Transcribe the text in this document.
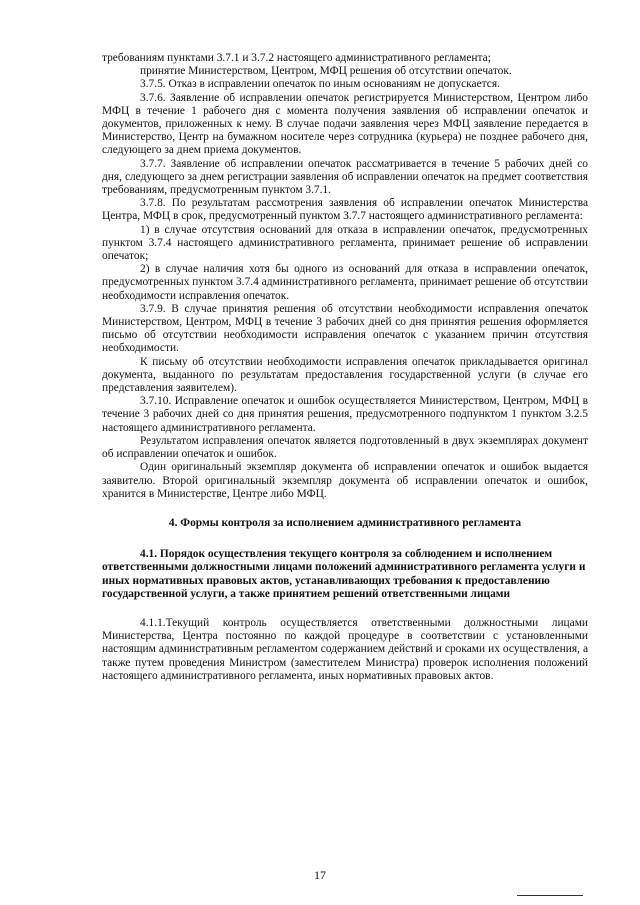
требованиям пунктами 3.7.1 и 3.7.2 настоящего административного регламента;

принятие Министерством, Центром, МФЦ решения об отсутствии опечаток.

3.7.5. Отказ в исправлении опечаток по иным основаниям не допускается.

3.7.6. Заявление об исправлении опечаток регистрируется Министерством, Центром либо МФЦ в течение 1 рабочего дня с момента получения заявления об исправлении опечаток и документов, приложенных к нему. В случае подачи заявления через МФЦ заявление передается в Министерство, Центр на бумажном носителе через сотрудника (курьера) не позднее рабочего дня, следующего за днем приема документов.

3.7.7. Заявление об исправлении опечаток рассматривается в течение 5 рабочих дней со дня, следующего за днем регистрации заявления об исправлении опечаток на предмет соответствия требованиям, предусмотренным пунктом 3.7.1.

3.7.8. По результатам рассмотрения заявления об исправлении опечаток Министерства Центра, МФЦ в срок, предусмотренный пунктом 3.7.7 настоящего административного регламента:

1) в случае отсутствия оснований для отказа в исправлении опечаток, предусмотренных пунктом 3.7.4 настоящего административного регламента, принимает решение об исправлении опечаток;

2) в случае наличия хотя бы одного из оснований для отказа в исправлении опечаток, предусмотренных пунктом 3.7.4 административного регламента, принимает решение об отсутствии необходимости исправления опечаток.

3.7.9. В случае принятия решения об отсутствии необходимости исправления опечаток Министерством, Центром, МФЦ в течение 3 рабочих дней со дня принятия решения оформляется письмо об отсутствии необходимости исправления опечаток с указанием причин отсутствия необходимости.

К письму об отсутствии необходимости исправления опечаток прикладывается оригинал документа, выданного по результатам предоставления государственной услуги (в случае его представления заявителем).

3.7.10. Исправление опечаток и ошибок осуществляется Министерством, Центром, МФЦ в течение 3 рабочих дней со дня принятия решения, предусмотренного подпунктом 1 пунктом 3.2.5 настоящего административного регламента.

Результатом исправления опечаток является подготовленный в двух экземплярах документ об исправлении опечаток и ошибок.

Один оригинальный экземпляр документа об исправлении опечаток и ошибок выдается заявителю. Второй оригинальный экземпляр документа об исправлении опечаток и ошибок, хранится в Министерстве, Центре либо МФЦ.

4. Формы контроля за исполнением административного регламента

4.1. Порядок осуществления текущего контроля за соблюдением и исполнением ответственными должностными лицами положений административного регламента услуги и иных нормативных правовых актов, устанавливающих требования к предоставлению государственной услуги, а также принятием решений ответственными лицами

4.1.1.Текущий контроль осуществляется ответственными должностными лицами Министерства, Центра постоянно по каждой процедуре в соответствии с установленными настоящим административным регламентом содержанием действий и сроками их осуществления, а также путем проведения Министром (заместителем Министра) проверок исполнения положений настоящего административного регламента, иных нормативных правовых актов.

17
